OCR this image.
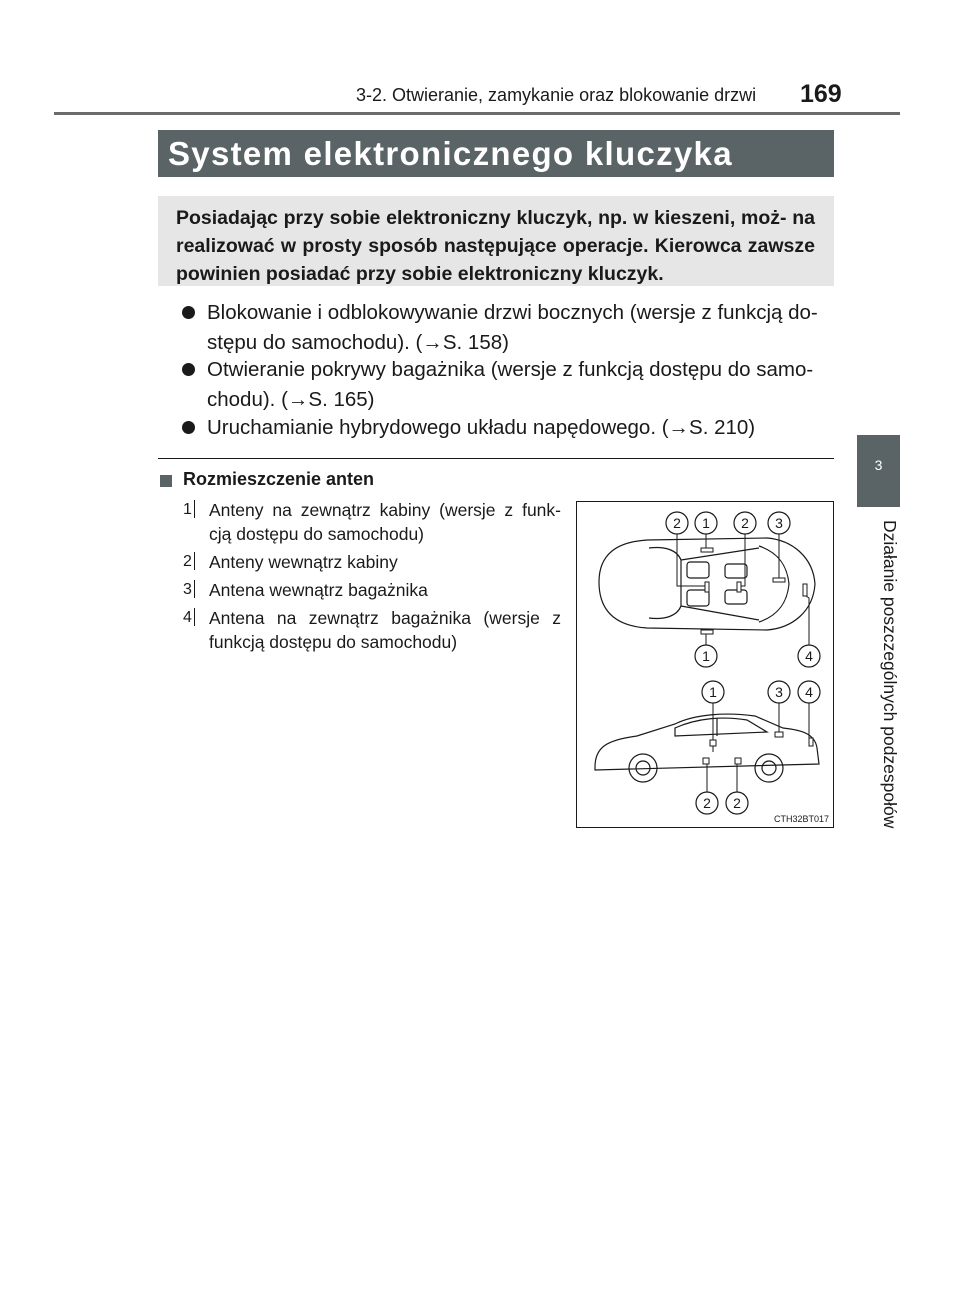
3-2. Otwieranie, zamykanie oraz blokowanie drzwi 169
3
Działanie poszczególnych podzespołów
System elektronicznego kluczyka
Posiadając przy sobie elektroniczny kluczyk, np. w kieszeni, moż- na realizować w prosty sposób następujące operacje. Kierowca zawsze powinien posiadać przy sobie elektroniczny kluczyk.
Blokowanie i odblokowywanie drzwi bocznych (wersje z funkcją do- stępu do samochodu). (→S. 158)
Otwieranie pokrywy bagażnika (wersje z funkcją dostępu do samo- chodu). (→S. 165)
Uruchamianie hybrydowego układu napędowego. (→S. 210)
Rozmieszczenie anten
1 Anteny na zewnątrz kabiny (wersje z funk- cją dostępu do samochodu)
2 Anteny wewnątrz kabiny
3 Antena wewnątrz bagażnika
4 Antena na zewnątrz bagażnika (wersje z funkcją dostępu do samochodu)
2 1 2 3
1	4
1	3 4
2 2
CTH32BT017
